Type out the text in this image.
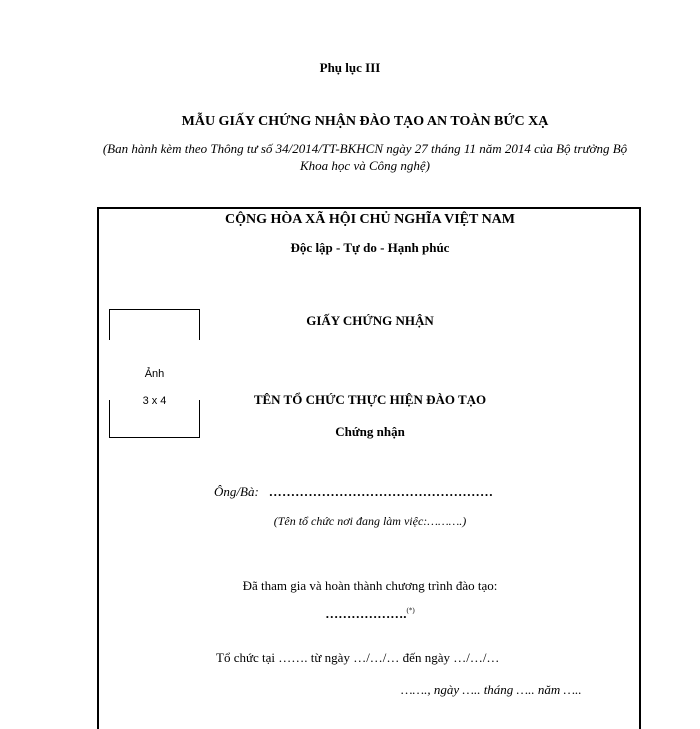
Phụ lục III
MẪU GIẤY CHỨNG NHẬN ĐÀO TẠO AN TOÀN BỨC XẠ
(Ban hành kèm theo Thông tư số 34/2014/TT-BKHCN ngày 27 tháng 11 năm 2014 của Bộ trưởng Bộ Khoa học và Công nghệ)
CỘNG HÒA XÃ HỘI CHỦ NGHĨA VIỆT NAM
Độc lập - Tự do - Hạnh phúc
GIẤY CHỨNG NHẬN
Ảnh
3 x 4	TÊN TỔ CHỨC THỰC HIỆN ĐÀO TẠO
Chứng nhận
Ông/Bà: ……………………………………………
(Tên tổ chức nơi đang làm việc:……….)
Đã tham gia và hoàn thành chương trình đào tạo:
……………….(*)
Tổ chức tại ……. từ ngày …/…/… đến ngày …/…/…
……., ngày ….. tháng ….. năm …..
